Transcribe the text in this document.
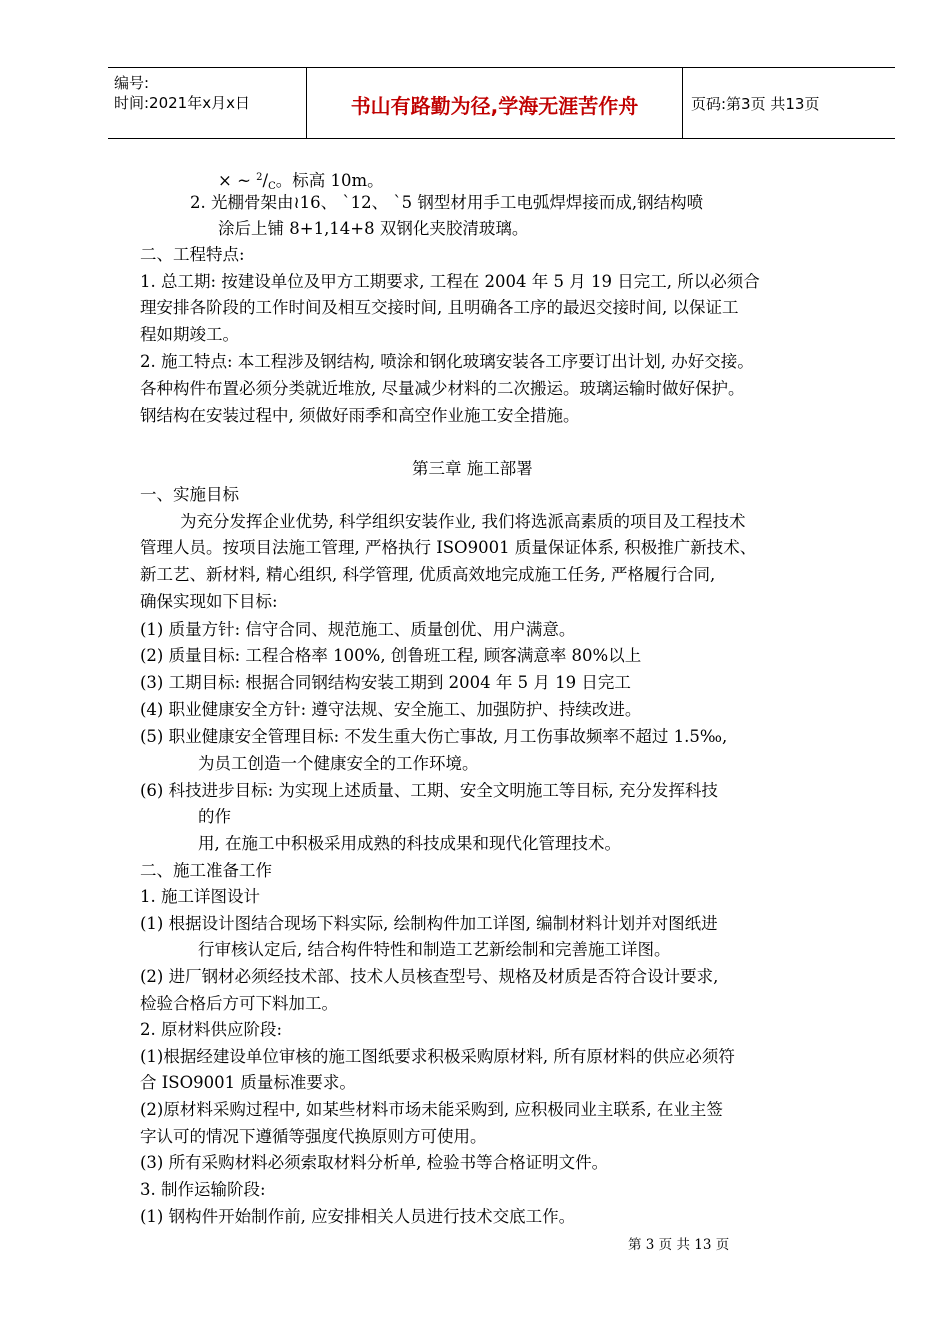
编号:
时间:2021年x月x日	书山有路勤为径,学海无涯苦作舟	页码:第3页 共13页
× ~ $^2/_C$。标高 10m。
2. 光棚骨架由≀16、 ˋ12、 ˋ5 钢型材用手工电弧焊焊接而成,钢结构喷
涂后上铺 8+1,14+8 双钢化夹胶清玻璃。
二、工程特点:
1. 总工期: 按建设单位及甲方工期要求, 工程在 2004 年 5 月 19 日完工, 所以必须合
理安排各阶段的工作时间及相互交接时间, 且明确各工序的最迟交接时间, 以保证工
程如期竣工。
2. 施工特点: 本工程涉及钢结构, 喷涂和钢化玻璃安装各工序要订出计划, 办好交接。
各种构件布置必须分类就近堆放, 尽量减少材料的二次搬运。玻璃运输时做好保护。
钢结构在安装过程中, 须做好雨季和高空作业施工安全措施。
第三章 施工部署
一、实施目标
为充分发挥企业优势, 科学组织安装作业, 我们将选派高素质的项目及工程技术
管理人员。按项目法施工管理, 严格执行 ISO9001 质量保证体系, 积极推广新技术、
新工艺、新材料, 精心组织, 科学管理, 优质高效地完成施工任务, 严格履行合同,
确保实现如下目标:
(1) 质量方针: 信守合同、规范施工、质量创优、用户满意。
(2) 质量目标: 工程合格率 100%, 创鲁班工程, 顾客满意率 80%以上
(3) 工期目标: 根据合同钢结构安装工期到 2004 年 5 月 19 日完工
(4) 职业健康安全方针: 遵守法规、安全施工、加强防护、持续改进。
(5) 职业健康安全管理目标: 不发生重大伤亡事故, 月工伤事故频率不超过 1.5‰,
为员工创造一个健康安全的工作环境。
(6) 科技进步目标: 为实现上述质量、工期、安全文明施工等目标, 充分发挥科技
的作
用, 在施工中积极采用成熟的科技成果和现代化管理技术。
二、施工准备工作
1. 施工详图设计
(1) 根据设计图结合现场下料实际, 绘制构件加工详图, 编制材料计划并对图纸进
行审核认定后, 结合构件特性和制造工艺新绘制和完善施工详图。
(2) 进厂钢材必须经技术部、技术人员核查型号、规格及材质是否符合设计要求,
检验合格后方可下料加工。
2. 原材料供应阶段:
(1)根据经建设单位审核的施工图纸要求积极采购原材料, 所有原材料的供应必须符
合 ISO9001 质量标准要求。
(2)原材料采购过程中, 如某些材料市场未能采购到, 应积极同业主联系, 在业主签
字认可的情况下遵循等强度代换原则方可使用。
(3) 所有采购材料必须索取材料分析单, 检验书等合格证明文件。
3. 制作运输阶段:
(1) 钢构件开始制作前, 应安排相关人员进行技术交底工作。
第 3 页 共 13 页
